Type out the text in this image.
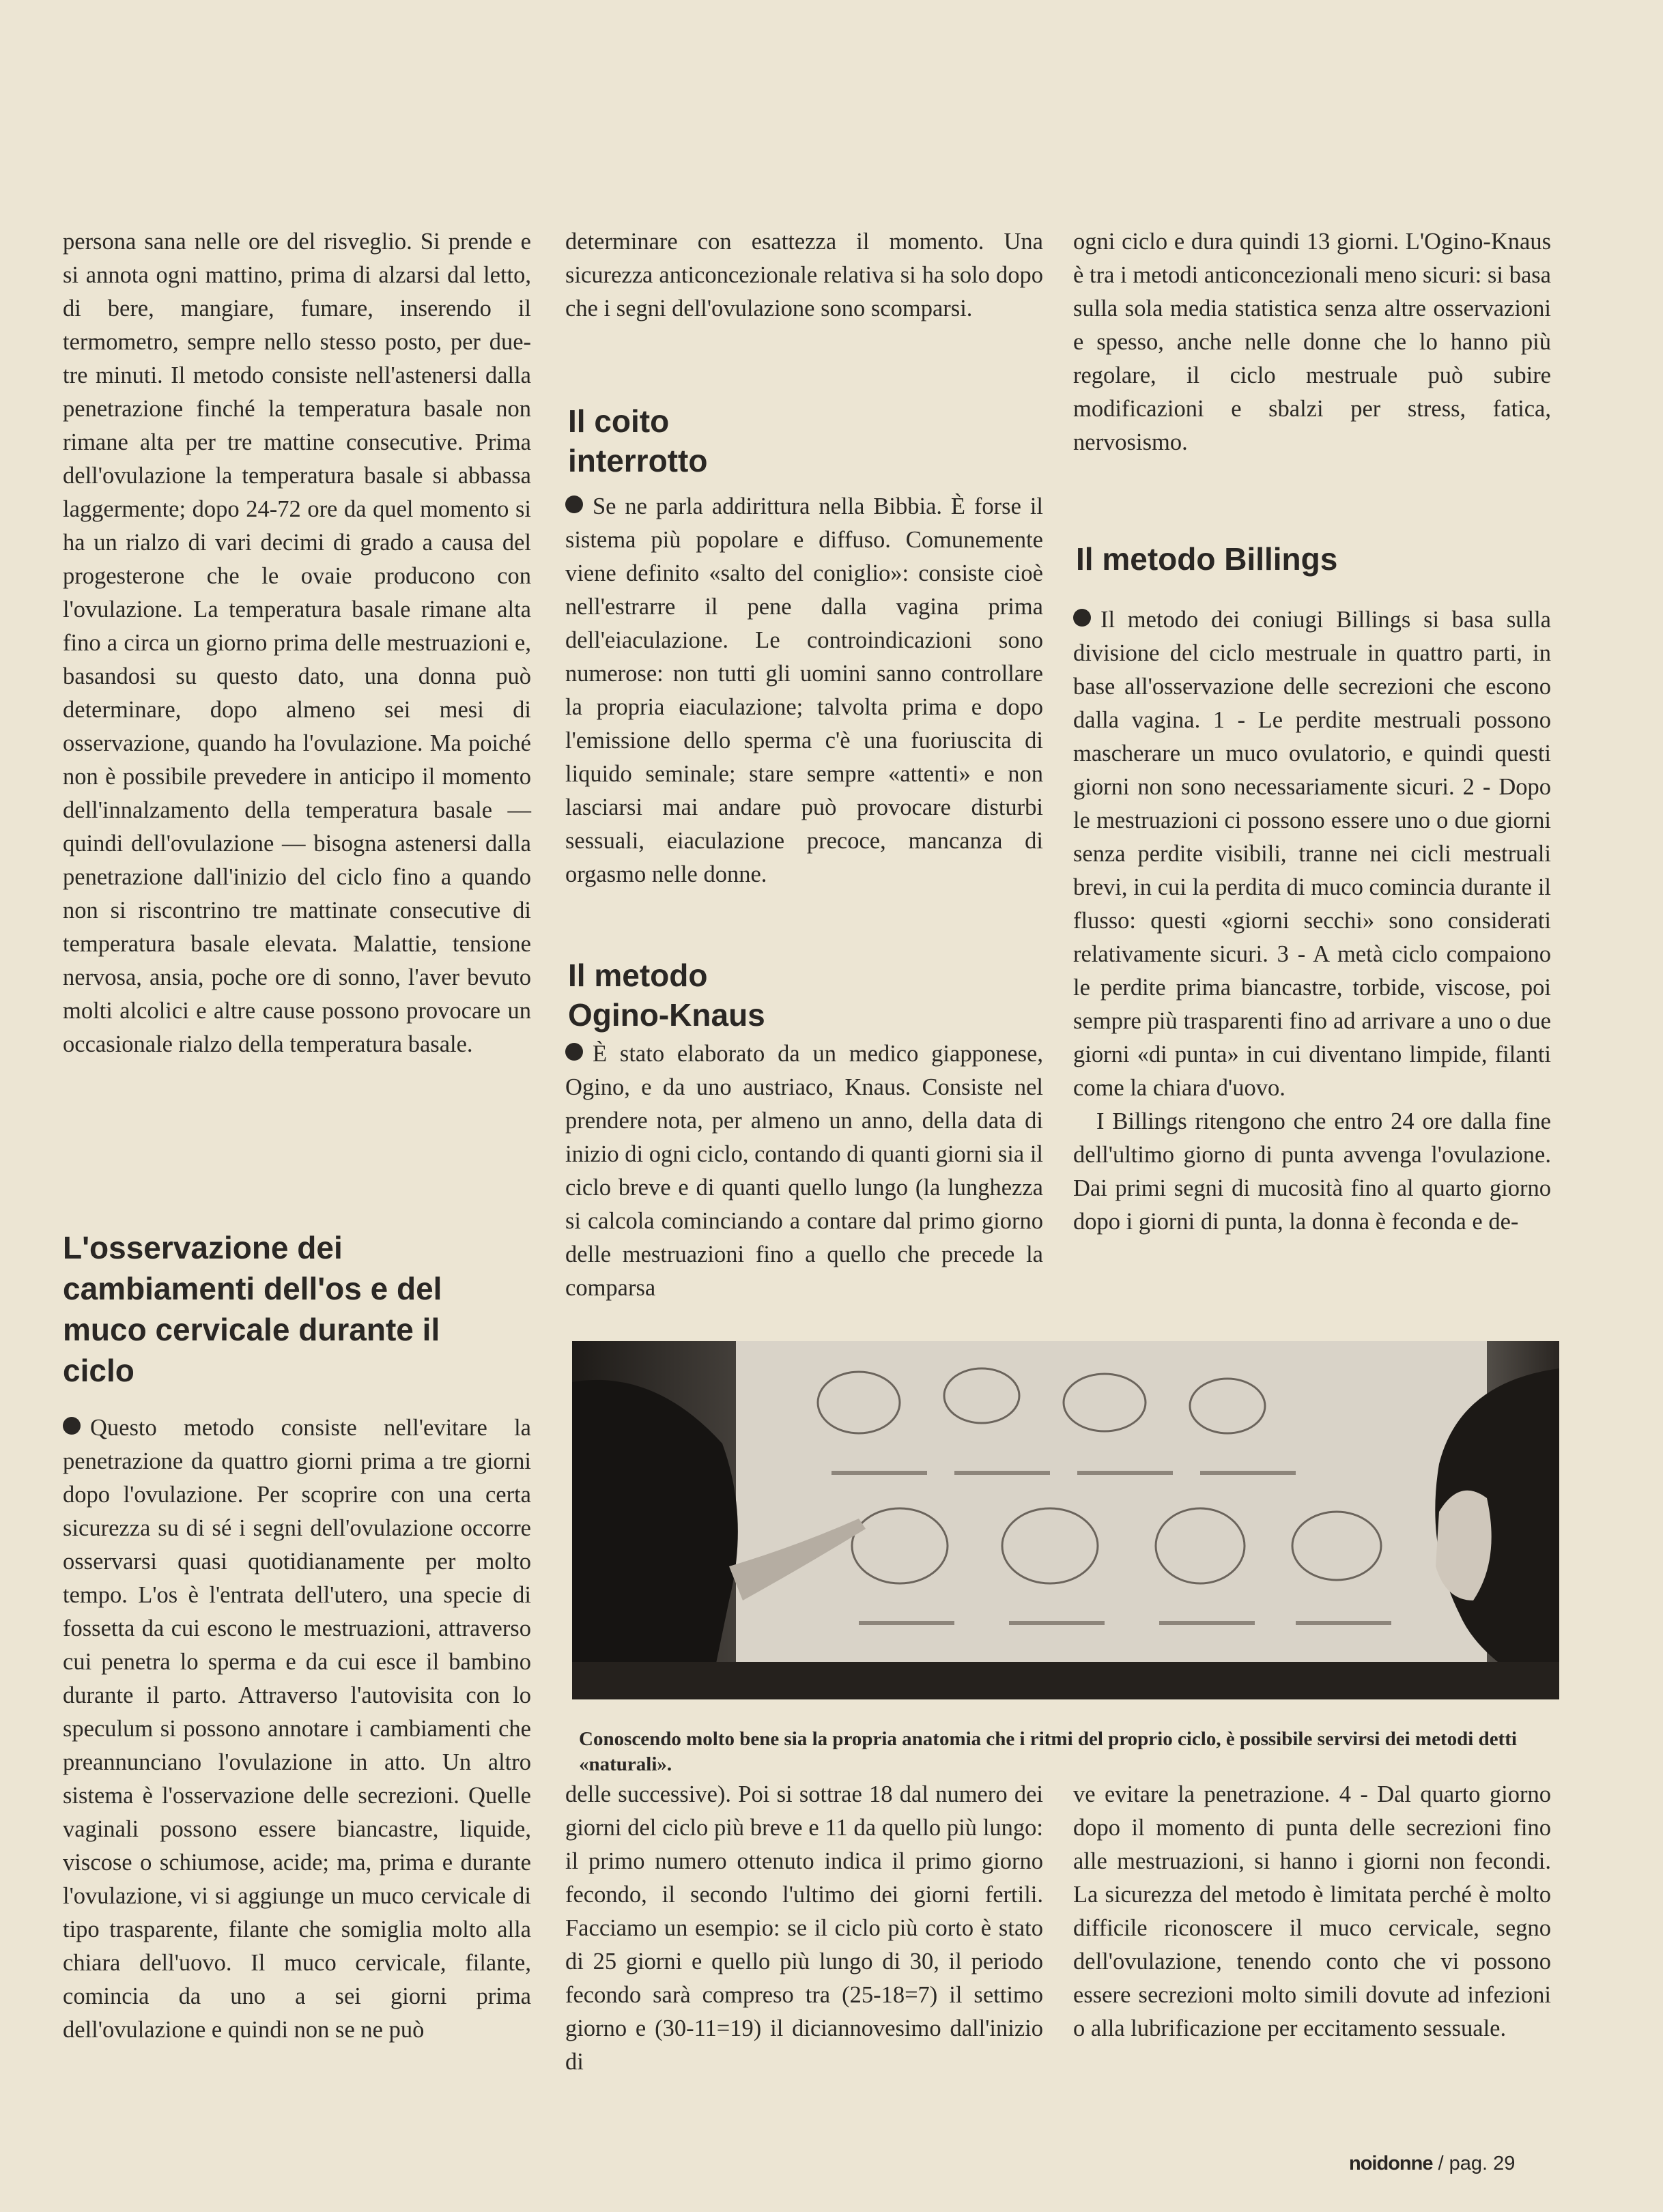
persona sana nelle ore del risveglio. Si prende e si annota ogni mattino, prima di alzarsi dal letto, di bere, mangiare, fumare, inserendo il termometro, sempre nello stesso posto, per due-tre minuti. Il metodo consiste nell'astenersi dalla penetrazione finché la temperatura basale non rimane alta per tre mattine consecutive. Prima dell'ovulazione la temperatura basale si abbassa laggermente; dopo 24-72 ore da quel momento si ha un rialzo di vari decimi di grado a causa del progesterone che le ovaie producono con l'ovulazione. La temperatura basale rimane alta fino a circa un giorno prima delle mestruazioni e, basandosi su questo dato, una donna può determinare, dopo almeno sei mesi di osservazione, quando ha l'ovulazione. Ma poiché non è possibile prevedere in anticipo il momento dell'innalzamento della temperatura basale — quindi dell'ovulazione — bisogna astenersi dalla penetrazione dall'inizio del ciclo fino a quando non si riscontrino tre mattinate consecutive di temperatura basale elevata. Malattie, tensione nervosa, ansia, poche ore di sonno, l'aver bevuto molti alcolici e altre cause possono provocare un occasionale rialzo della temperatura basale.

L'osservazione dei cambiamenti dell'os e del muco cervicale durante il ciclo

Questo metodo consiste nell'evitare la penetrazione da quattro giorni prima a tre giorni dopo l'ovulazione. Per scoprire con una certa sicurezza su di sé i segni dell'ovulazione occorre osservarsi quasi quotidianamente per molto tempo. L'os è l'entrata dell'utero, una specie di fossetta da cui escono le mestruazioni, attraverso cui penetra lo sperma e da cui esce il bambino durante il parto. Attraverso l'autovisita con lo speculum si possono annotare i cambiamenti che preannunciano l'ovulazione in atto. Un altro sistema è l'osservazione delle secrezioni. Quelle vaginali possono essere biancastre, liquide, viscose o schiumose, acide; ma, prima e durante l'ovulazione, vi si aggiunge un muco cervicale di tipo trasparente, filante che somiglia molto alla chiara dell'uovo. Il muco cervicale, filante, comincia da uno a sei giorni prima dell'ovulazione e quindi non se ne può

determinare con esattezza il momento. Una sicurezza anticoncezionale relativa si ha solo dopo che i segni dell'ovulazione sono scomparsi.

Il coito interrotto

Se ne parla addirittura nella Bibbia. È forse il sistema più popolare e diffuso. Comunemente viene definito «salto del coniglio»: consiste cioè nell'estrarre il pene dalla vagina prima dell'eiaculazione. Le controindicazioni sono numerose: non tutti gli uomini sanno controllare la propria eiaculazione; talvolta prima e dopo l'emissione dello sperma c'è una fuoriuscita di liquido seminale; stare sempre «attenti» e non lasciarsi mai andare può provocare disturbi sessuali, eiaculazione precoce, mancanza di orgasmo nelle donne.

Il metodo Ogino-Knaus

È stato elaborato da un medico giapponese, Ogino, e da uno austriaco, Knaus. Consiste nel prendere nota, per almeno un anno, della data di inizio di ogni ciclo, contando di quanti giorni sia il ciclo breve e di quanti quello lungo (la lunghezza si calcola cominciando a contare dal primo giorno delle mestruazioni fino a quello che precede la comparsa

delle successive). Poi si sottrae 18 dal numero dei giorni del ciclo più breve e 11 da quello più lungo: il primo numero ottenuto indica il primo giorno fecondo, il secondo l'ultimo dei giorni fertili. Facciamo un esempio: se il ciclo più corto è stato di 25 giorni e quello più lungo di 30, il periodo fecondo sarà compreso tra (25-18=7) il settimo giorno e (30-11=19) il diciannovesimo dall'inizio di

ogni ciclo e dura quindi 13 giorni. L'Ogino-Knaus è tra i metodi anticoncezionali meno sicuri: si basa sulla sola media statistica senza altre osservazioni e spesso, anche nelle donne che lo hanno più regolare, il ciclo mestruale può subire modificazioni e sbalzi per stress, fatica, nervosismo.

Il metodo Billings

Il metodo dei coniugi Billings si basa sulla divisione del ciclo mestruale in quattro parti, in base all'osservazione delle secrezioni che escono dalla vagina. 1 - Le perdite mestruali possono mascherare un muco ovulatorio, e quindi questi giorni non sono necessariamente sicuri. 2 - Dopo le mestruazioni ci possono essere uno o due giorni senza perdite visibili, tranne nei cicli mestruali brevi, in cui la perdita di muco comincia durante il flusso: questi «giorni secchi» sono considerati relativamente sicuri. 3 - A metà ciclo compaiono le perdite prima biancastre, torbide, viscose, poi sempre più trasparenti fino ad arrivare a uno o due giorni «di punta» in cui diventano limpide, filanti come la chiara d'uovo.

I Billings ritengono che entro 24 ore dalla fine dell'ultimo giorno di punta avvenga l'ovulazione. Dai primi segni di mucosità fino al quarto giorno dopo i giorni di punta, la donna è feconda e de-

ve evitare la penetrazione. 4 - Dal quarto giorno dopo il momento di punta delle secrezioni fino alle mestruazioni, si hanno i giorni non fecondi. La sicurezza del metodo è limitata perché è molto difficile riconoscere il muco cervicale, segno dell'ovulazione, tenendo conto che vi possono essere secrezioni molto simili dovute ad infezioni o alla lubrificazione per eccitamento sessuale.

Conoscendo molto bene sia la propria anatomia che i ritmi del proprio ciclo, è possibile servirsi dei metodi detti «naturali».
noidonne / pag. 29
